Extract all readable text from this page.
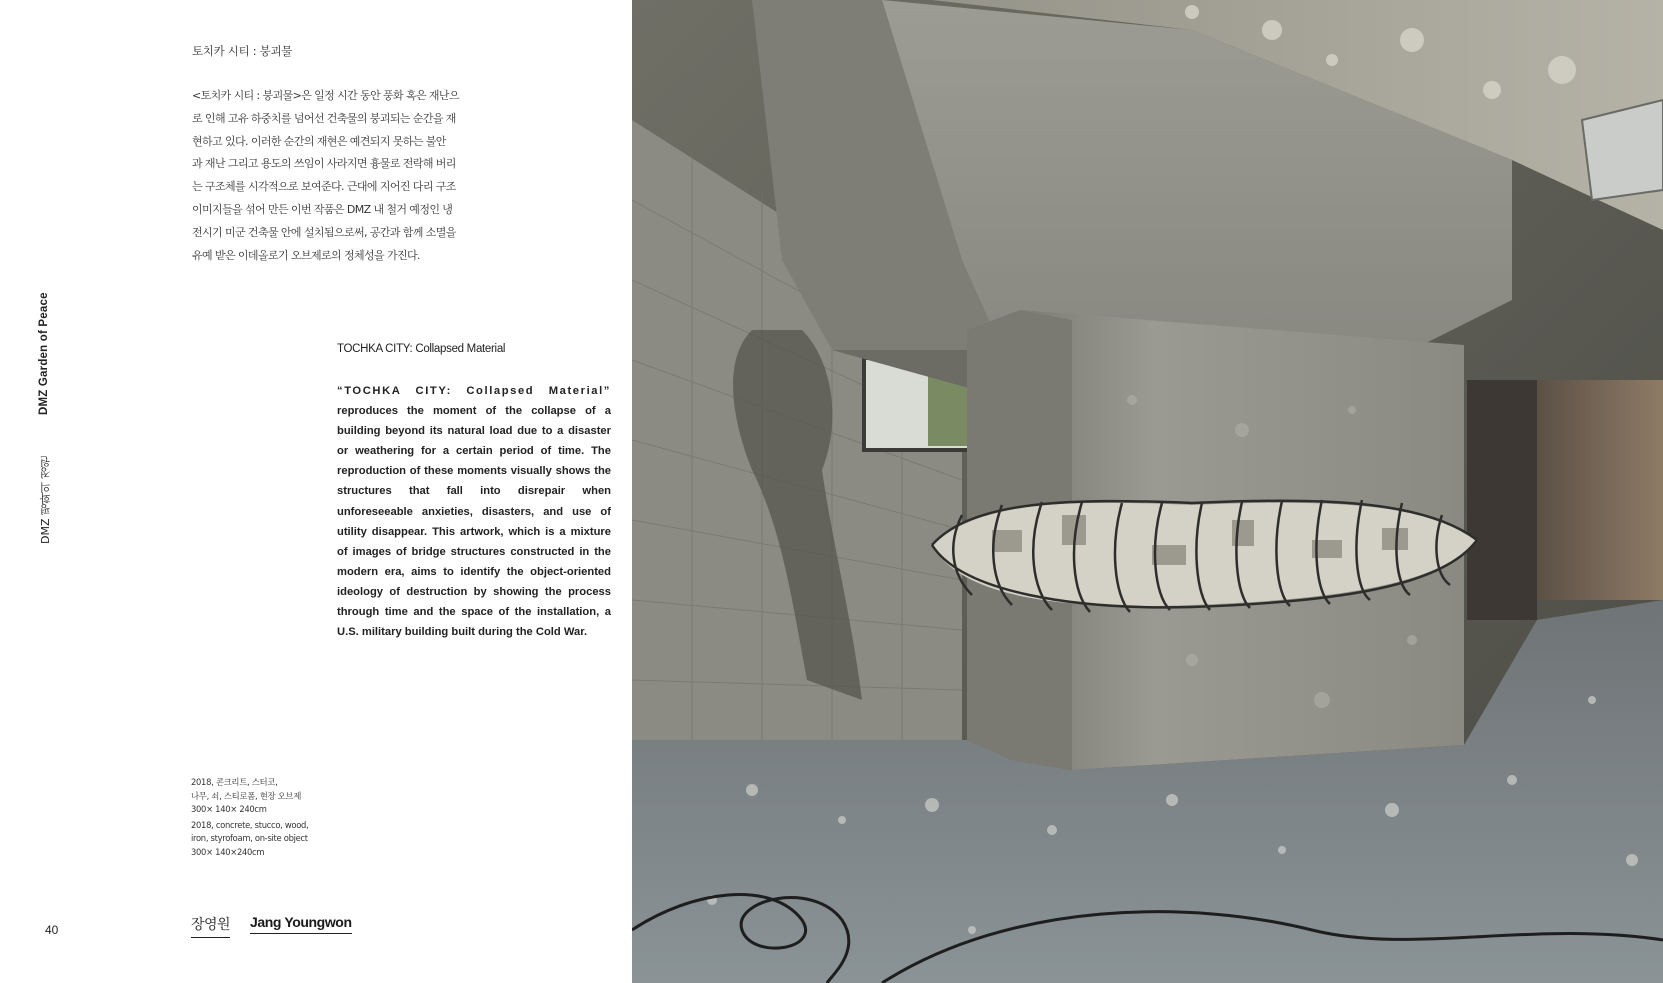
DMZ Garden of Peace
DMZ 평화의 정원
토치카 시티 : 붕괴물
<토치카 시티 : 붕괴물>은 일정 시간 동안 풍화 혹은 재난으
로 인해 고유 하중치를 넘어선 건축물의 붕괴되는 순간을 재
현하고 있다. 이러한 순간의 재현은 예견되지 못하는 불안
과 재난 그리고 용도의 쓰임이 사라지면 흉물로 전락해 버리
는 구조체를 시각적으로 보여준다. 근대에 지어진 다리 구조
이미지들을 섞어 만든 이번 작품은 DMZ 내 철거 예정인 냉
전시기 미군 건축물 안에 설치됨으로써, 공간과 함께 소멸을
유예 받은 이데올로기 오브제로의 정체성을 가진다.
TOCHKA CITY: Collapsed Material
“TOCHKA CITY: Collapsed Material” reproduces the moment of the collapse of a building beyond its natural load due to a disaster or weathering for a certain period of time. The reproduction of these moments visually shows the structures that fall into disrepair when unforeseeable anxieties, disasters, and use of utility disappear. This artwork, which is a mixture of images of bridge structures constructed in the modern era, aims to identify the object-oriented ideology of destruction by showing the process through time and the space of the installation, a U.S. military building built during the Cold War.
2018, 콘크리트, 스터코,
나무, 쇠, 스티로폼, 현장 오브제
300× 140× 240cm
2018, concrete, stucco, wood,
iron, styrofoam, on-site object
300× 140×240cm
40	장영원 Jang Youngwon
